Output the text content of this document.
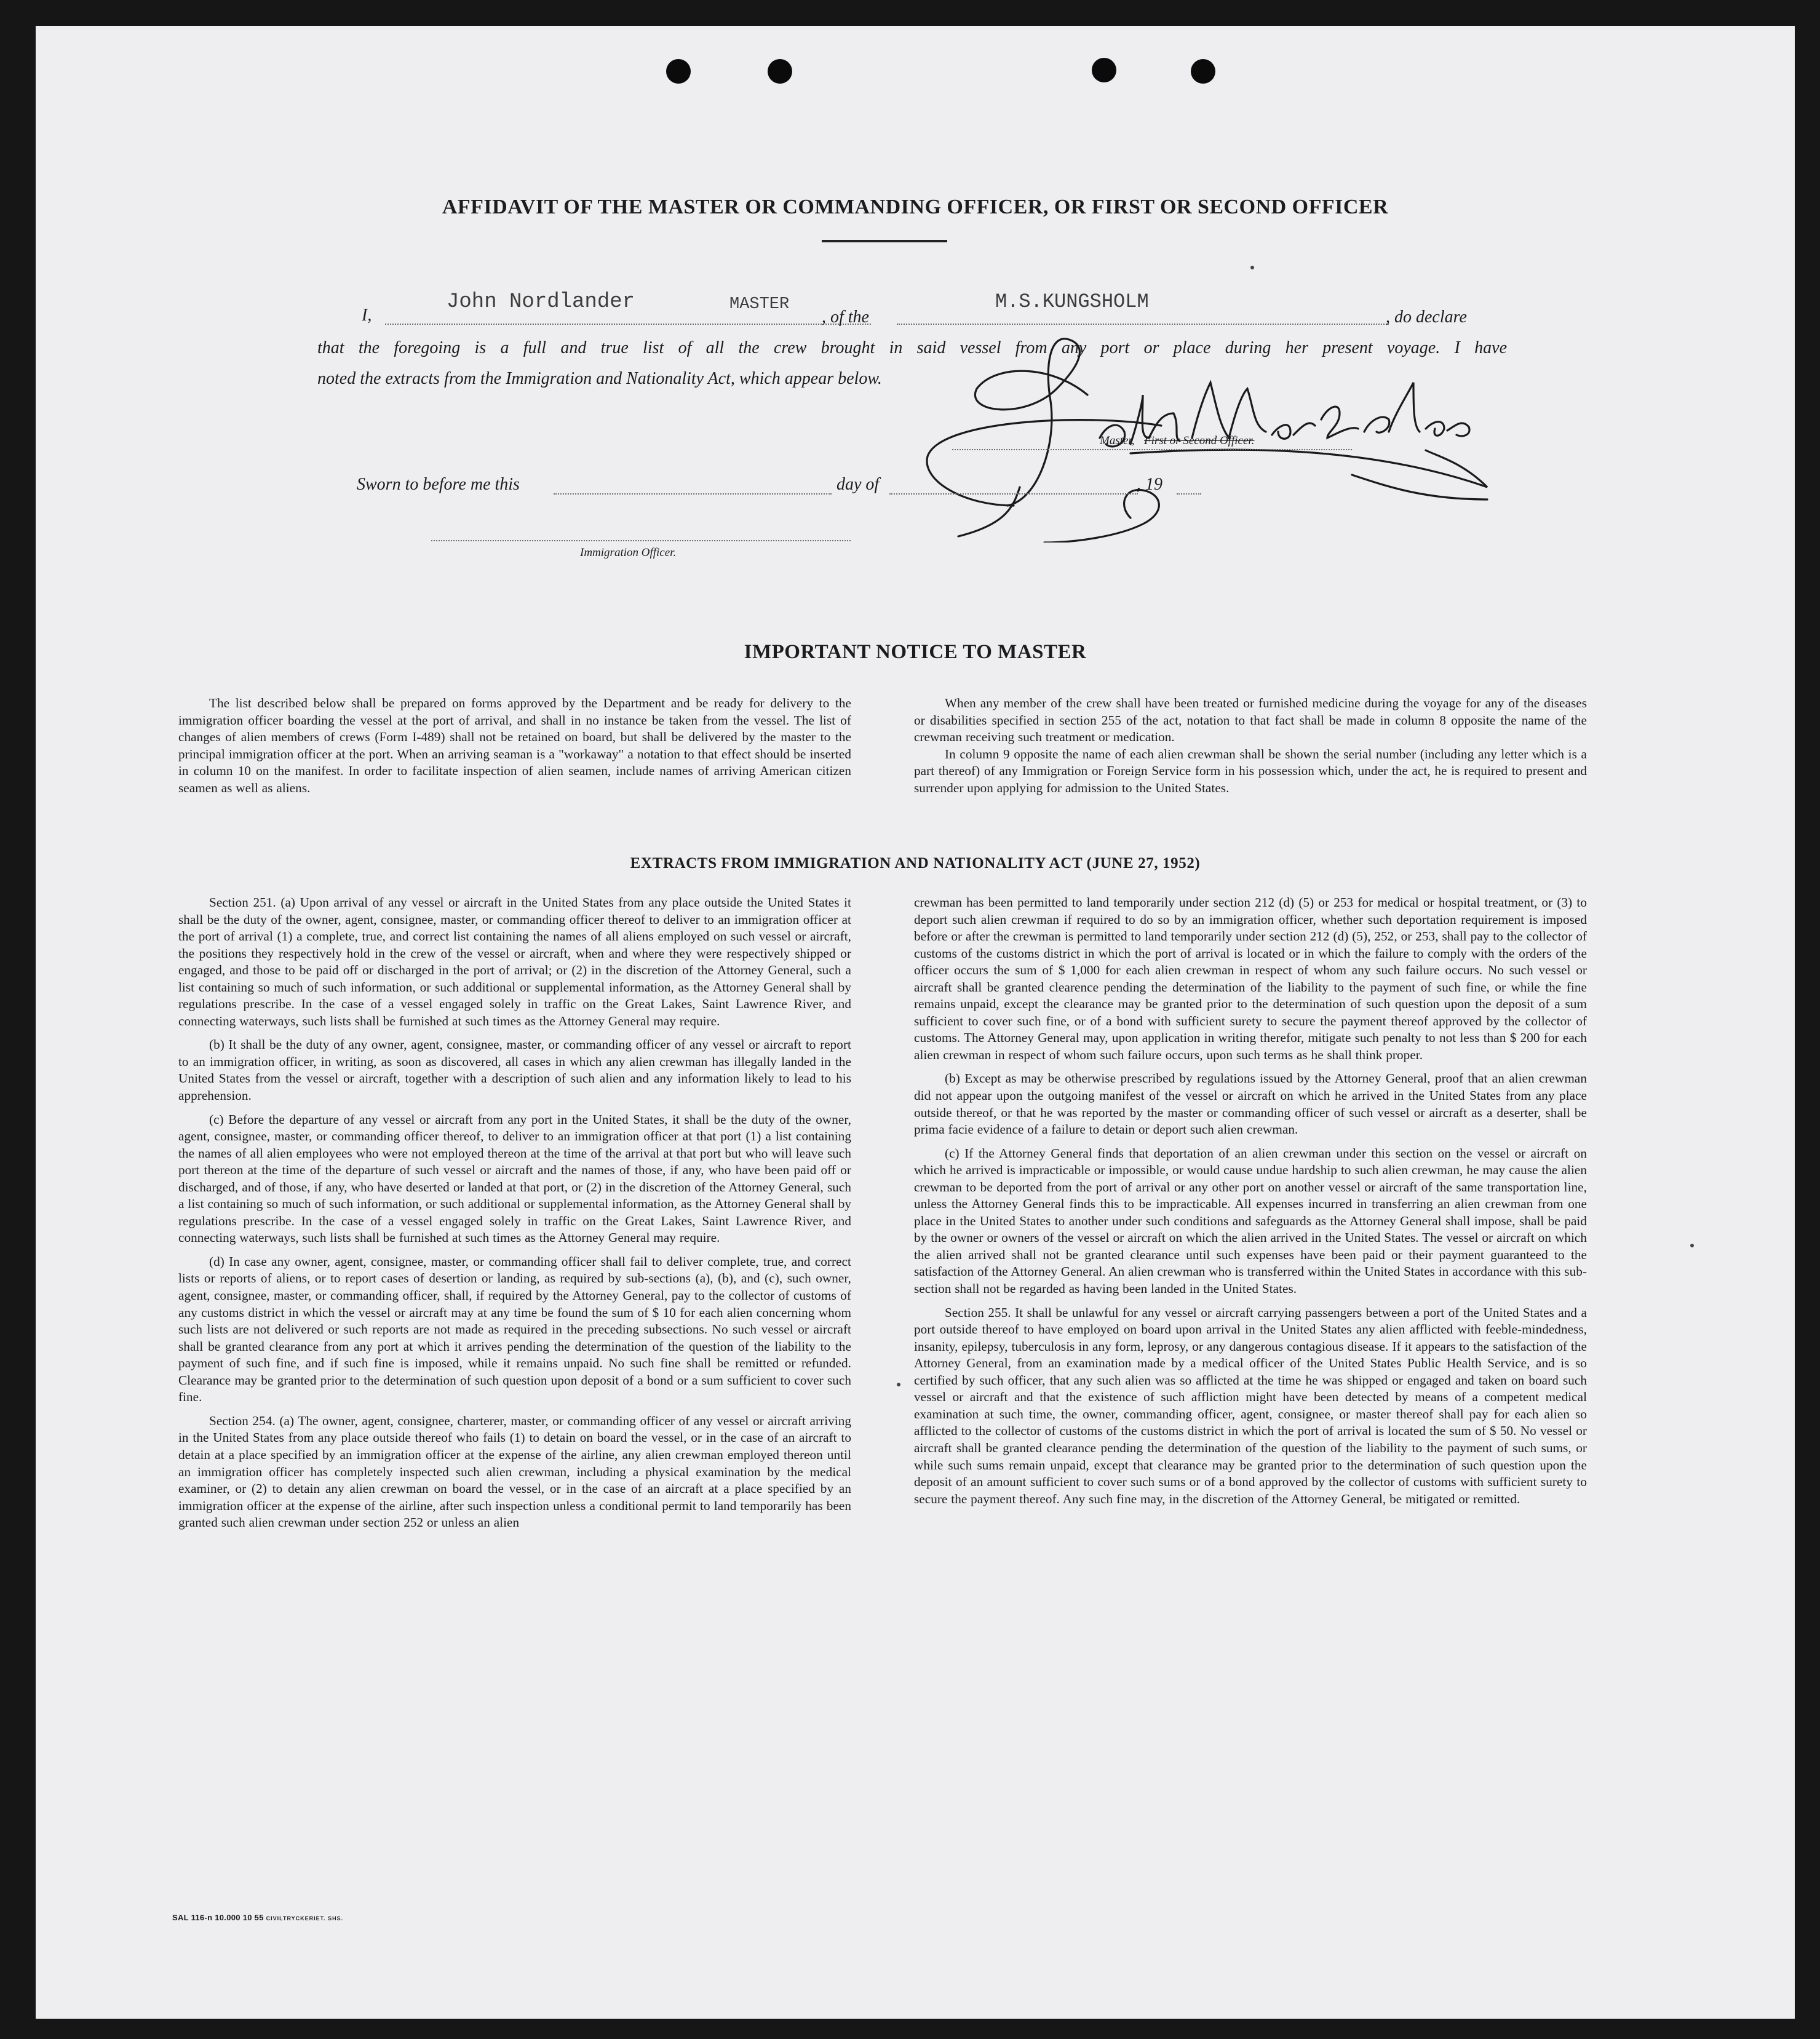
AFFIDAVIT OF THE MASTER OR COMMANDING OFFICER, OR FIRST OR SECOND OFFICER
I,
John Nordlander	MASTER
, of the
M.S.KUNGSHOLM
, do declare
that the foregoing is a full and true list of all the crew brought in said vessel from any port or place during her present voyage. I have
noted the extracts from the Immigration and Nationality Act, which appear below.
Master, First or Second Officer.
Sworn to before me this	day of	, 19
Immigration Officer.
IMPORTANT NOTICE TO MASTER

The list described below shall be prepared on forms approved by the Department and be ready for delivery to the immigration officer boarding the vessel at the port of arrival, and shall in no instance be taken from the vessel. The list of changes of alien members of crews (Form I-489) shall not be retained on board, but shall be delivered by the master to the principal immigration officer at the port. When an arriving seaman is a "workaway" a notation to that effect should be inserted in column 10 on the manifest. In order to facilitate inspection of alien seamen, include names of arriving American citizen seamen as well as aliens.

When any member of the crew shall have been treated or furnished medicine during the voyage for any of the diseases or disabilities specified in section 255 of the act, notation to that fact shall be made in column 8 opposite the name of the crewman receiving such treatment or medication.

In column 9 opposite the name of each alien crewman shall be shown the serial number (including any letter which is a part thereof) of any Immigration or Foreign Service form in his possession which, under the act, he is required to present and surrender upon applying for admission to the United States.

EXTRACTS FROM IMMIGRATION AND NATIONALITY ACT (JUNE 27, 1952)

Section 251. (a) Upon arrival of any vessel or aircraft in the United States from any place outside the United States it shall be the duty of the owner, agent, consignee, master, or commanding officer thereof to deliver to an immigration officer at the port of arrival (1) a complete, true, and correct list containing the names of all aliens employed on such vessel or aircraft, the positions they respectively hold in the crew of the vessel or aircraft, when and where they were respectively shipped or engaged, and those to be paid off or discharged in the port of arrival; or (2) in the discretion of the Attorney General, such a list containing so much of such information, or such additional or supplemental information, as the Attorney General shall by regulations prescribe. In the case of a vessel engaged solely in traffic on the Great Lakes, Saint Lawrence River, and connecting waterways, such lists shall be furnished at such times as the Attorney General may require.

(b) It shall be the duty of any owner, agent, consignee, master, or commanding officer of any vessel or aircraft to report to an immigration officer, in writing, as soon as discovered, all cases in which any alien crewman has illegally landed in the United States from the vessel or aircraft, together with a description of such alien and any information likely to lead to his apprehension.

(c) Before the departure of any vessel or aircraft from any port in the United States, it shall be the duty of the owner, agent, consignee, master, or commanding officer thereof, to deliver to an immigration officer at that port (1) a list containing the names of all alien employees who were not employed thereon at the time of the arrival at that port but who will leave such port thereon at the time of the departure of such vessel or aircraft and the names of those, if any, who have been paid off or discharged, and of those, if any, who have deserted or landed at that port, or (2) in the discretion of the Attorney General, such a list containing so much of such information, or such additional or supplemental information, as the Attorney General shall by regulations prescribe. In the case of a vessel engaged solely in traffic on the Great Lakes, Saint Lawrence River, and connecting waterways, such lists shall be furnished at such times as the Attorney General may require.

(d) In case any owner, agent, consignee, master, or commanding officer shall fail to deliver complete, true, and correct lists or reports of aliens, or to report cases of desertion or landing, as required by sub-sections (a), (b), and (c), such owner, agent, consignee, master, or commanding officer, shall, if required by the Attorney General, pay to the collector of customs of any customs district in which the vessel or aircraft may at any time be found the sum of $ 10 for each alien concerning whom such lists are not delivered or such reports are not made as required in the preceding subsections. No such vessel or aircraft shall be granted clearance from any port at which it arrives pending the determination of the question of the liability to the payment of such fine, and if such fine is imposed, while it remains unpaid. No such fine shall be remitted or refunded. Clearance may be granted prior to the determination of such question upon deposit of a bond or a sum sufficient to cover such fine.

Section 254. (a) The owner, agent, consignee, charterer, master, or commanding officer of any vessel or aircraft arriving in the United States from any place outside thereof who fails (1) to detain on board the vessel, or in the case of an aircraft to detain at a place specified by an immigration officer at the expense of the airline, any alien crewman employed thereon until an immigration officer has completely inspected such alien crewman, including a physical examination by the medical examiner, or (2) to detain any alien crewman on board the vessel, or in the case of an aircraft at a place specified by an immigration officer at the expense of the airline, after such inspection unless a conditional permit to land temporarily has been granted such alien crewman under section 252 or unless an alien

crewman has been permitted to land temporarily under section 212 (d) (5) or 253 for medical or hospital treatment, or (3) to deport such alien crewman if required to do so by an immigration officer, whether such deportation requirement is imposed before or after the crewman is permitted to land temporarily under section 212 (d) (5), 252, or 253, shall pay to the collector of customs of the customs district in which the port of arrival is located or in which the failure to comply with the orders of the officer occurs the sum of $ 1,000 for each alien crewman in respect of whom any such failure occurs. No such vessel or aircraft shall be granted clearence pending the determination of the liability to the payment of such fine, or while the fine remains unpaid, except the clearance may be granted prior to the determination of such question upon the deposit of a sum sufficient to cover such fine, or of a bond with sufficient surety to secure the payment thereof approved by the collector of customs. The Attorney General may, upon application in writing therefor, mitigate such penalty to not less than $ 200 for each alien crewman in respect of whom such failure occurs, upon such terms as he shall think proper.

(b) Except as may be otherwise prescribed by regulations issued by the Attorney General, proof that an alien crewman did not appear upon the outgoing manifest of the vessel or aircraft on which he arrived in the United States from any place outside thereof, or that he was reported by the master or commanding officer of such vessel or aircraft as a deserter, shall be prima facie evidence of a failure to detain or deport such alien crewman.

(c) If the Attorney General finds that deportation of an alien crewman under this section on the vessel or aircraft on which he arrived is impracticable or impossible, or would cause undue hardship to such alien crewman, he may cause the alien crewman to be deported from the port of arrival or any other port on another vessel or aircraft of the same transportation line, unless the Attorney General finds this to be impracticable. All expenses incurred in transferring an alien crewman from one place in the United States to another under such conditions and safeguards as the Attorney General shall impose, shall be paid by the owner or owners of the vessel or aircraft on which the alien arrived in the United States. The vessel or aircraft on which the alien arrived shall not be granted clearance until such expenses have been paid or their payment guaranteed to the satisfaction of the Attorney General. An alien crewman who is transferred within the United States in accordance with this sub-section shall not be regarded as having been landed in the United States.

Section 255. It shall be unlawful for any vessel or aircraft carrying passengers between a port of the United States and a port outside thereof to have employed on board upon arrival in the United States any alien afflicted with feeble-mindedness, insanity, epilepsy, tuberculosis in any form, leprosy, or any dangerous contagious disease. If it appears to the satisfaction of the Attorney General, from an examination made by a medical officer of the United States Public Health Service, and is so certified by such officer, that any such alien was so afflicted at the time he was shipped or engaged and taken on board such vessel or aircraft and that the existence of such affliction might have been detected by means of a competent medical examination at such time, the owner, commanding officer, agent, consignee, or master thereof shall pay for each alien so afflicted to the collector of customs of the customs district in which the port of arrival is located the sum of $ 50. No vessel or aircraft shall be granted clearance pending the determination of the question of the liability to the payment of such sums, or while such sums remain unpaid, except that clearance may be granted prior to the determination of such question upon the deposit of an amount sufficient to cover such sums or of a bond approved by the collector of customs with sufficient surety to secure the payment thereof. Any such fine may, in the discretion of the Attorney General, be mitigated or remitted.

SAL 116-n 10.000 10 55 CIVILTRYCKERIET. SHS.
